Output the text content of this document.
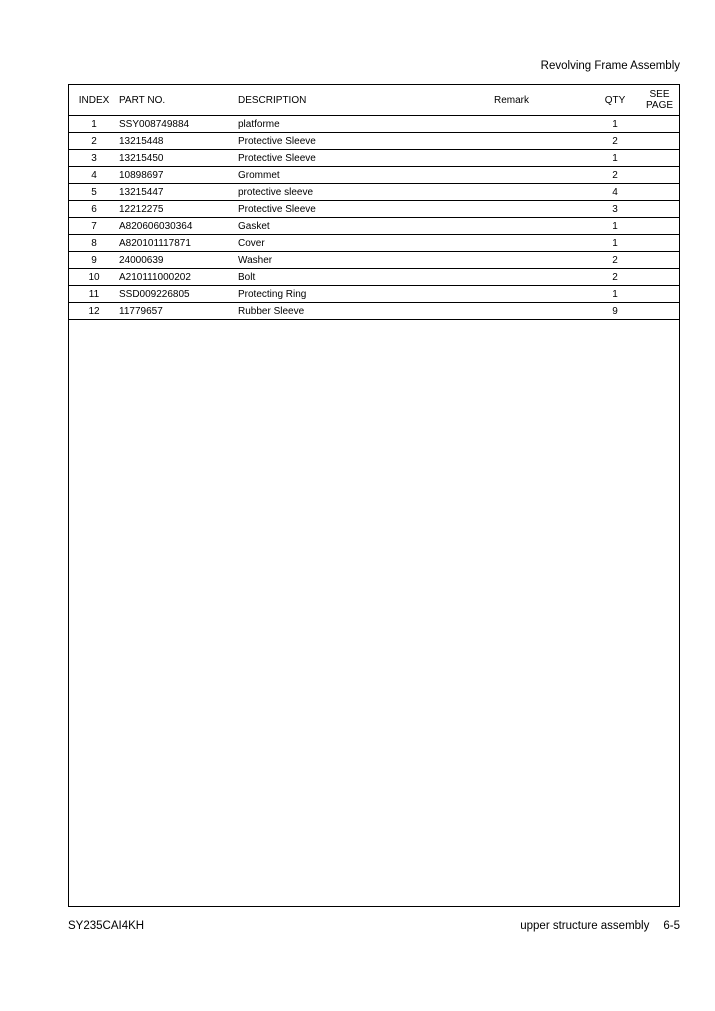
Revolving Frame Assembly
INDEX	PART NO.	DESCRIPTION	Remark	QTY	SEE
PAGE
1	SSY008749884	platforme		1	
2	13215448	Protective Sleeve		2	
3	13215450	Protective Sleeve		1	
4	10898697	Grommet		2	
5	13215447	protective sleeve		4	
6	12212275	Protective Sleeve		3	
7	A820606030364	Gasket		1	
8	A820101117871	Cover		1	
9	24000639	Washer		2	
10	A210111000202	Bolt		2	
11	SSD009226805	Protecting Ring		1	
12	11779657	Rubber Sleeve		9	
SY235CAI4KH	upper structure assembly 6-5
